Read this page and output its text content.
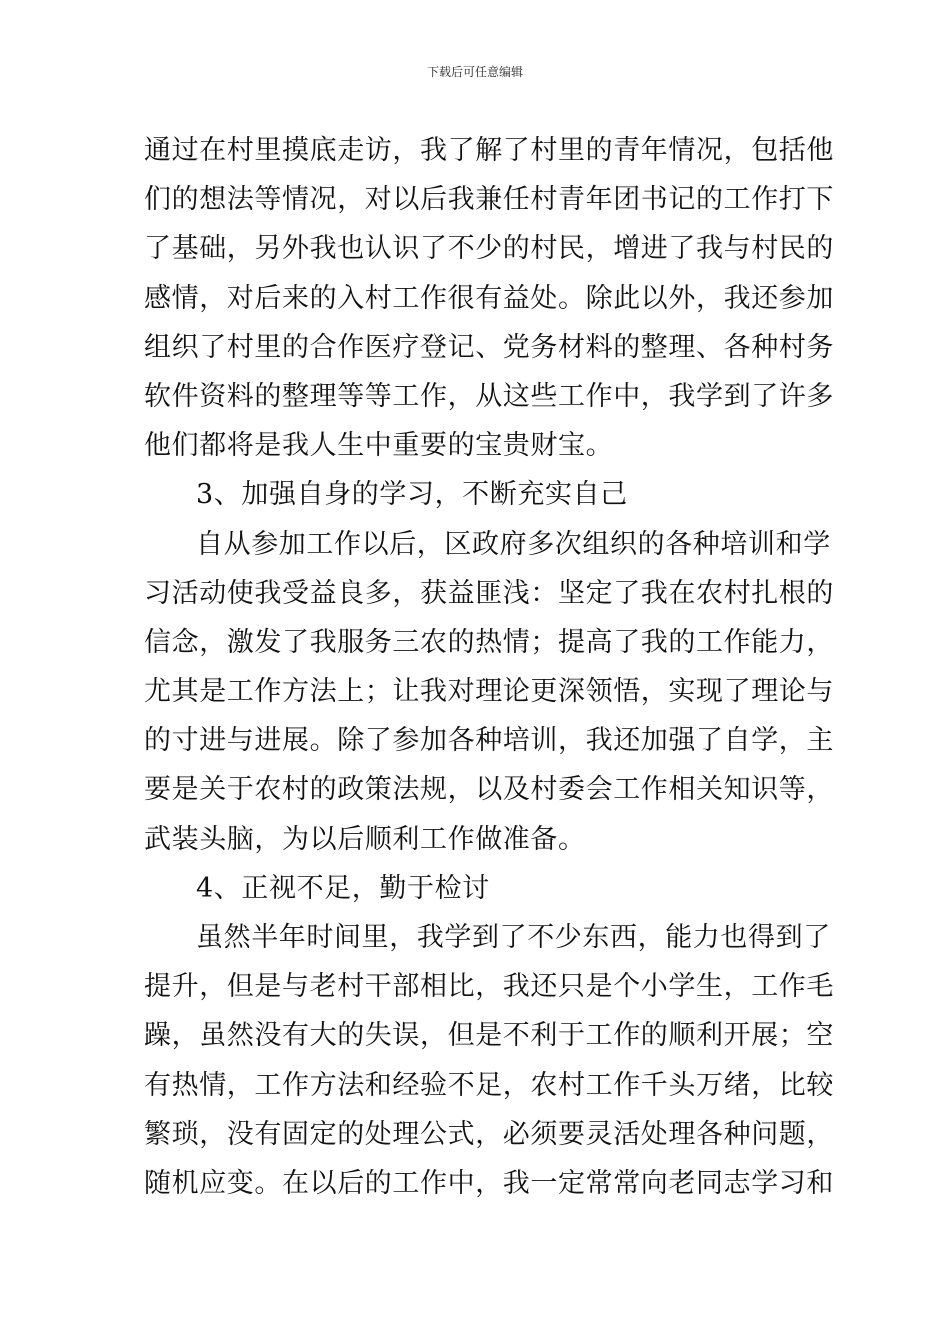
下载后可任意编辑
通过在村里摸底走访，我了解了村里的青年情况，包括他
们的想法等情况，对以后我兼任村青年团书记的工作打下
了基础，另外我也认识了不少的村民，增进了我与村民的
感情，对后来的入村工作很有益处。除此以外，我还参加
组织了村里的合作医疗登记、党务材料的整理、各种村务
软件资料的整理等等工作，从这些工作中，我学到了许多
他们都将是我人生中重要的宝贵财宝。
3、加强自身的学习，不断充实自己
自从参加工作以后，区政府多次组织的各种培训和学
习活动使我受益良多，获益匪浅：坚定了我在农村扎根的
信念，激发了我服务三农的热情；提高了我的工作能力，
尤其是工作方法上；让我对理论更深领悟，实现了理论与
的寸进与进展。除了参加各种培训，我还加强了自学，主
要是关于农村的政策法规，以及村委会工作相关知识等，
武装头脑，为以后顺利工作做准备。
4、正视不足，勤于检讨
虽然半年时间里，我学到了不少东西，能力也得到了
提升，但是与老村干部相比，我还只是个小学生，工作毛
躁，虽然没有大的失误，但是不利于工作的顺利开展；空
有热情，工作方法和经验不足，农村工作千头万绪，比较
繁琐，没有固定的处理公式，必须要灵活处理各种问题，
随机应变。在以后的工作中，我一定常常向老同志学习和
